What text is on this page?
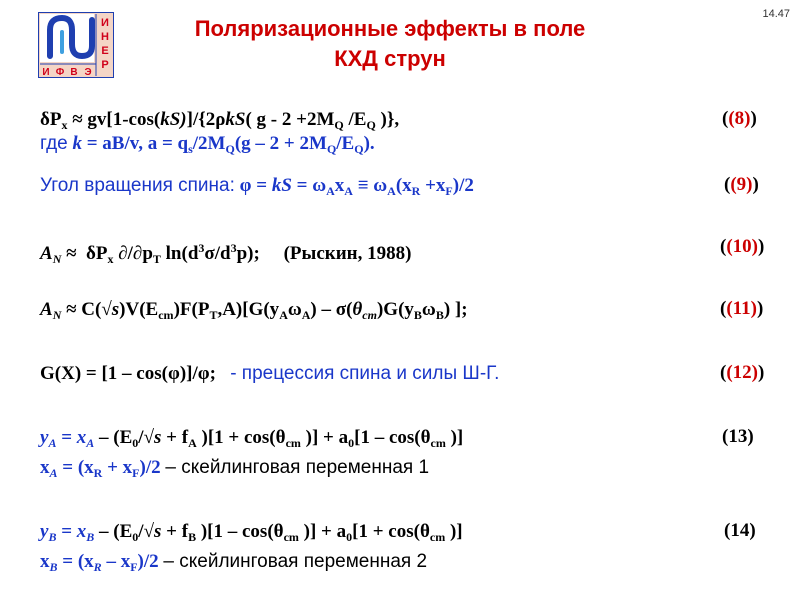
И
Н
Е
Р
И Ф В Э
14.47
Поляризационные эффекты в поле
КХД струн
$\delta P_x \approx gv[1-\cos(kS)]/\{2\rho kS$( $g - 2 +2M_Q$ $/E_Q$ )},	((8))
где k = aB/v, $a = q_s/2M_Q(g - 2 + 2M_Q/E_Q)$.
Угол вращения спина: φ = kS = $\omega_Ax_A \equiv \omega_A(x_R +x_F)/2$	((9))
$A_N \approx \delta P_x$ $\partial/\partial p_T$ $\ln(d^3\sigma/d^3p)$;     (Рыскин, 1988)	((10))
$A_N \approx C(√s)V(E_{cm})F(P_T,A)[G(y_A\omega_A) - \sigma(\theta_{cm})G(y_B\omega_B)$ ];	((11))
G(X) = [1 – cos(φ)]/φ;   - прецессия спина и силы Ш-Г.	((12))
$y_A = x_A - (E_0/√s + f_A$ )[$1 + \cos(\theta_{cm}$ )] + $a_0[1 - \cos(\theta_{cm}$ )]	(13)
$x_A = (x_R + x_F)/2$ – скейлинговая переменная 1
$y_B = x_B - (E_0/√s + f_B$ )[$1 - \cos(\theta_{cm}$ )] + $a_0[1 + \cos(\theta_{cm}$ )]	(14)
$x_B = (x_R - x_F)/2$ – скейлинговая переменная 2
